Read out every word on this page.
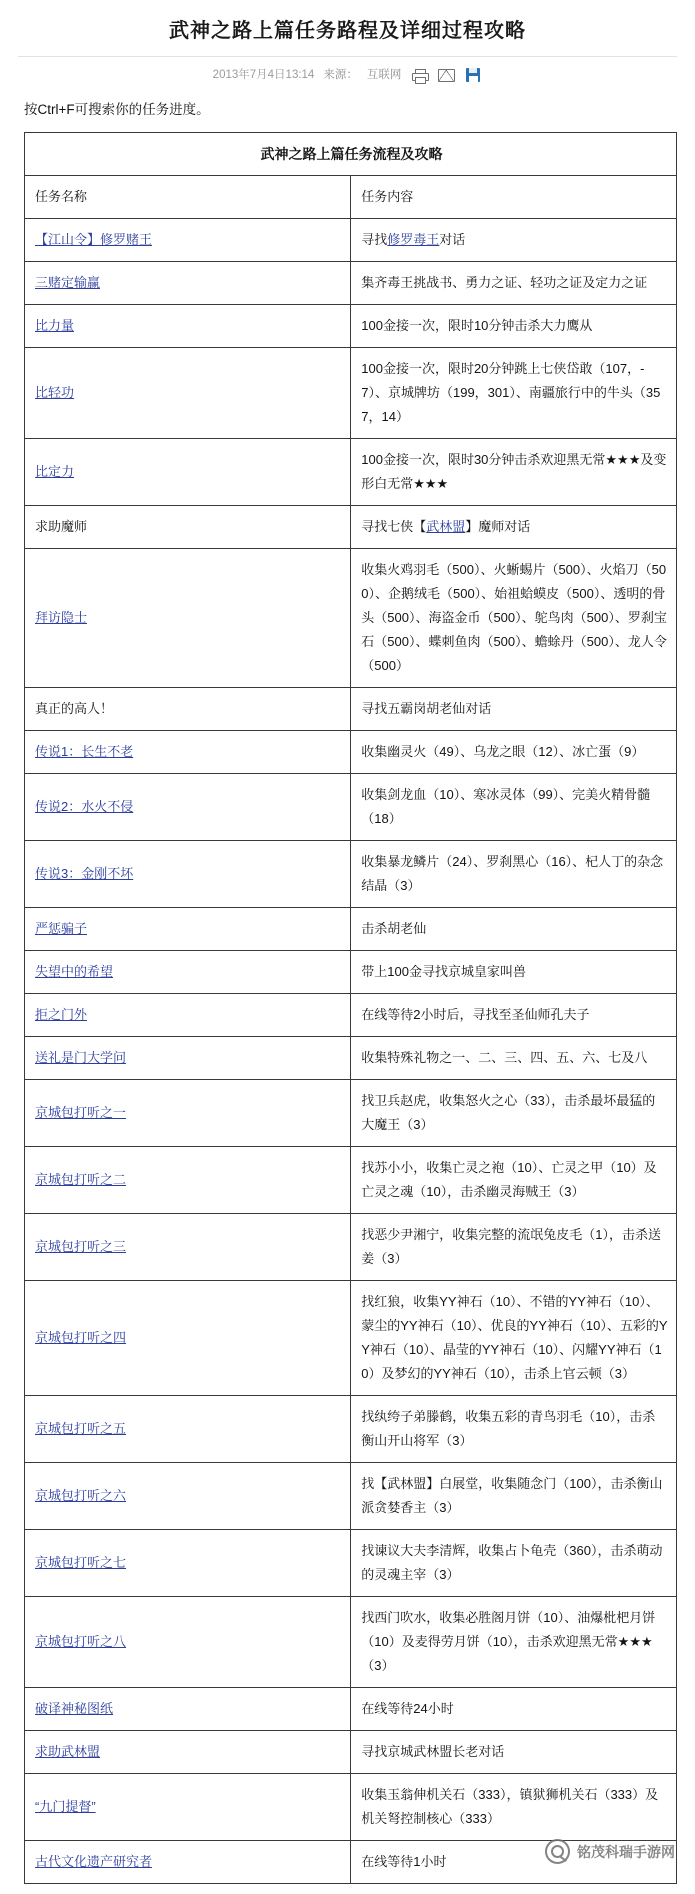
武神之路上篇任务路程及详细过程攻略
2013年7月4日13:14 来源： 互联网
按Ctrl+F可搜索你的任务进度。
武神之路上篇任务流程及攻略	
任务名称	任务内容
【江山令】修罗赌王	寻找修罗毒王对话
三赌定输赢	集齐毒王挑战书、勇力之证、轻功之证及定力之证
比力量	100金接一次，限时10分钟击杀大力鹰从
比轻功	100金接一次，限时20分钟跳上七侠岱敢（107，-7）、京城牌坊（199，301）、南疆旅行中的牛头（357，14）
比定力	100金接一次，限时30分钟击杀欢迎黑无常★★★及变形白无常★★★
求助魔师	寻找七侠【武林盟】魔师对话
拜访隐士	收集火鸡羽毛（500）、火蜥蜴片（500）、火焰刀（500）、企鹅绒毛（500）、始祖蛤蟆皮（500）、透明的骨头（500）、海盗金币（500）、鸵鸟肉（500）、罗刹宝石（500）、蝶刺鱼肉（500）、蟾蜍丹（500）、龙人令（500）
真正的高人！	寻找五霸岗胡老仙对话
传说1：长生不老	收集幽灵火（49）、乌龙之眼（12）、冰亡蛋（9）
传说2：水火不侵	收集剑龙血（10）、寒冰灵体（99）、完美火精骨髓（18）
传说3：金刚不坏	收集暴龙鳞片（24）、罗刹黑心（16）、杞人丁的杂念结晶（3）
严惩骗子	击杀胡老仙
失望中的希望	带上100金寻找京城皇家叫兽
拒之门外	在线等待2小时后，寻找至圣仙师孔夫子
送礼是门大学问	收集特殊礼物之一、二、三、四、五、六、七及八
京城包打听之一	找卫兵赵虎，收集怒火之心（33），击杀最坏最猛的大魔王（3）
京城包打听之二	找苏小小，收集亡灵之袍（10）、亡灵之甲（10）及亡灵之魂（10），击杀幽灵海贼王（3）
京城包打听之三	找恶少尹湘宁，收集完整的流氓兔皮毛（1），击杀送姜（3）
京城包打听之四	找红狼，收集YY神石（10）、不错的YY神石（10）、蒙尘的YY神石（10）、优良的YY神石（10）、五彩的YY神石（10）、晶莹的YY神石（10）、闪耀YY神石（10）及梦幻的YY神石（10），击杀上官云顿（3）
京城包打听之五	找纨绔子弟滕鹤，收集五彩的青鸟羽毛（10），击杀衡山开山将军（3）
京城包打听之六	找【武林盟】白展堂，收集随念门（100），击杀衡山派贪婪香主（3）
京城包打听之七	找谏议大夫李清辉，收集占卜龟壳（360），击杀萌动的灵魂主宰（3）
京城包打听之八	找西门吹水，收集必胜阁月饼（10）、油爆枇杷月饼（10）及麦得劳月饼（10），击杀欢迎黑无常★★★（3）
破译神秘图纸	在线等待24小时
求助武林盟	寻找京城武林盟长老对话
“九门提督”	收集玉翁伸机关石（333），镇狱狮机关石（333）及机关弩控制核心（333）
古代文化遗产研究者	在线等待1小时
铭茂科瑞手游网
